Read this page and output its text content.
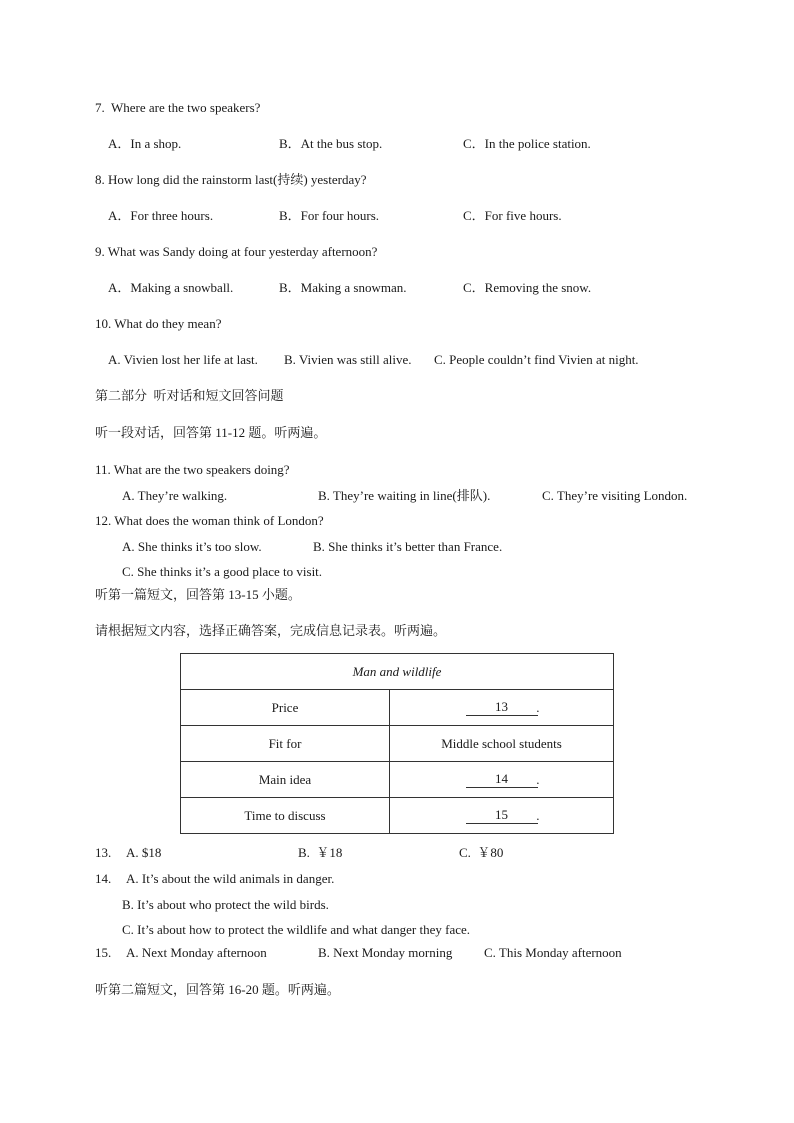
7.  Where are the two speakers?
A．In a shop.	B．At the bus stop.	C．In the police station.
8. How long did the rainstorm last(持续) yesterday?
A．For three hours.	B．For four hours.	C．For five hours.
9. What was Sandy doing at four yesterday afternoon?
A．Making a snowball.	B．Making a snowman.	C．Removing the snow.
10. What do they mean?
A. Vivien lost her life at last. B. Vivien was still alive. C. People couldn’t find Vivien at night.
第二部分  听对话和短文回答问题
听一段对话，回答第 11-12 题。听两遍。
11. What are the two speakers doing?
A. They’re walking.	B. They’re waiting in line(排队).	C. They’re visiting London.
12. What does the woman think of London?
A. She thinks it’s too slow.	B. She thinks it’s better than France.
C. She thinks it’s a good place to visit.
听第一篇短文，回答第 13-15 小题。
请根据短文内容，选择正确答案，完成信息记录表。听两遍。
Man and wildlife	
Price	13 .

Fit for	Middle school students
Main idea	14 .

Time to discuss	15 .
13. A. $18	B.  ￥18	C.  ￥80
14. A. It’s about the wild animals in danger.
B. It’s about who protect the wild birds.
C. It’s about how to protect the wildlife and what danger they face.
15. A. Next Monday afternoon	B. Next Monday morning C. This Monday afternoon
听第二篇短文，回答第 16-20 题。听两遍。
